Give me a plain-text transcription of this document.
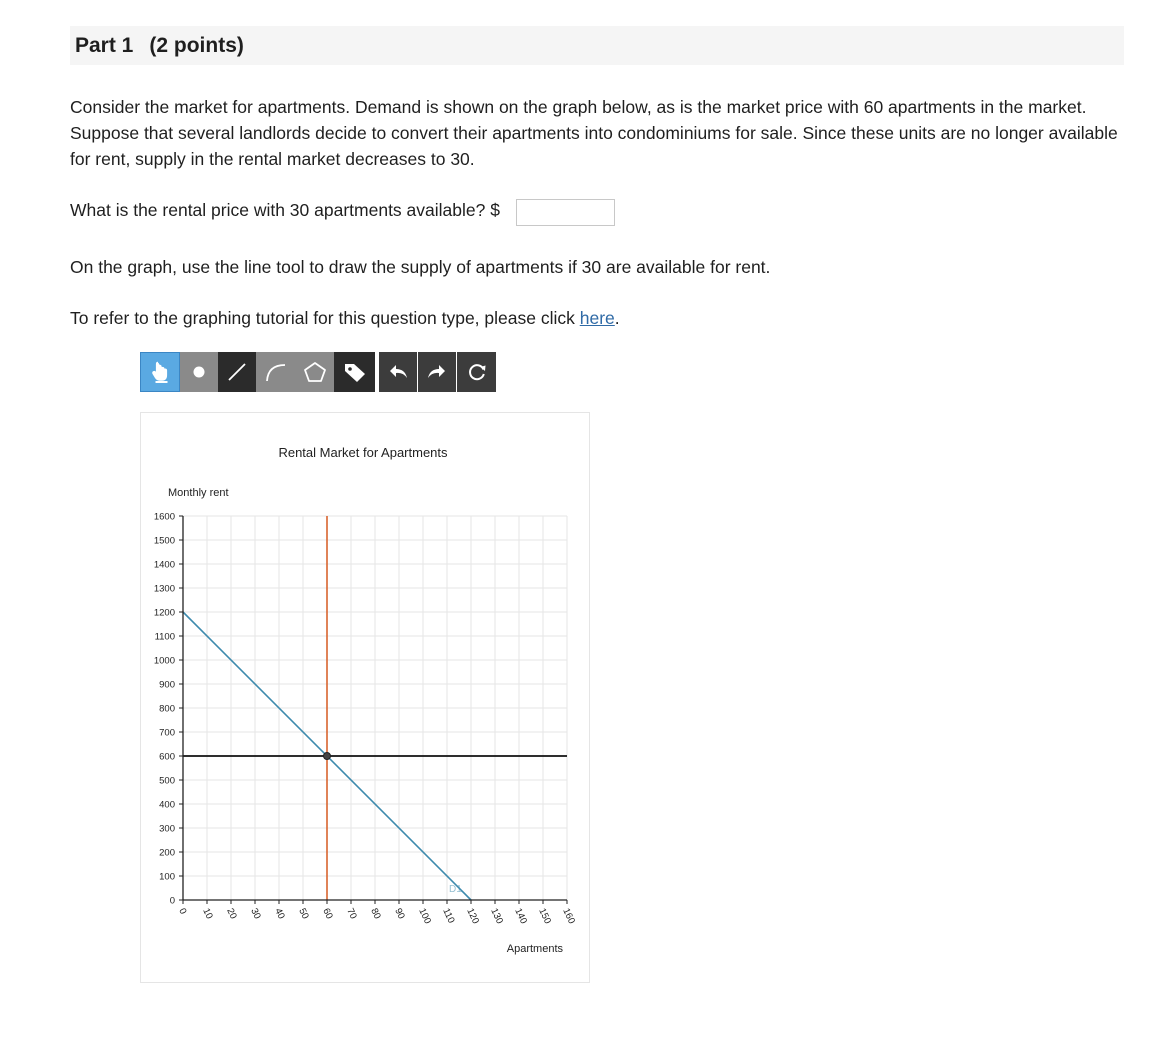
Part 1 (2 points)

Consider the market for apartments. Demand is shown on the graph below, as is the market price with 60 apartments in the market. Suppose that several landlords decide to convert their apartments into condominiums for sale. Since these units are no longer available for rent, supply in the rental market decreases to 30.

What is the rental price with 30 apartments available? $

On the graph, use the line tool to draw the supply of apartments if 30 are available for rent.

To refer to the graphing tutorial for this question type, please click here.

D1
0
100
200
300
400
500
600
700
800
900
1000
1100
1200
1300
1400
1500
1600
0 10 20 30 40 50 60 70 80 90 100 110 120 130 140 150 160
Rental Market for Apartments
Monthly rent
Apartments
